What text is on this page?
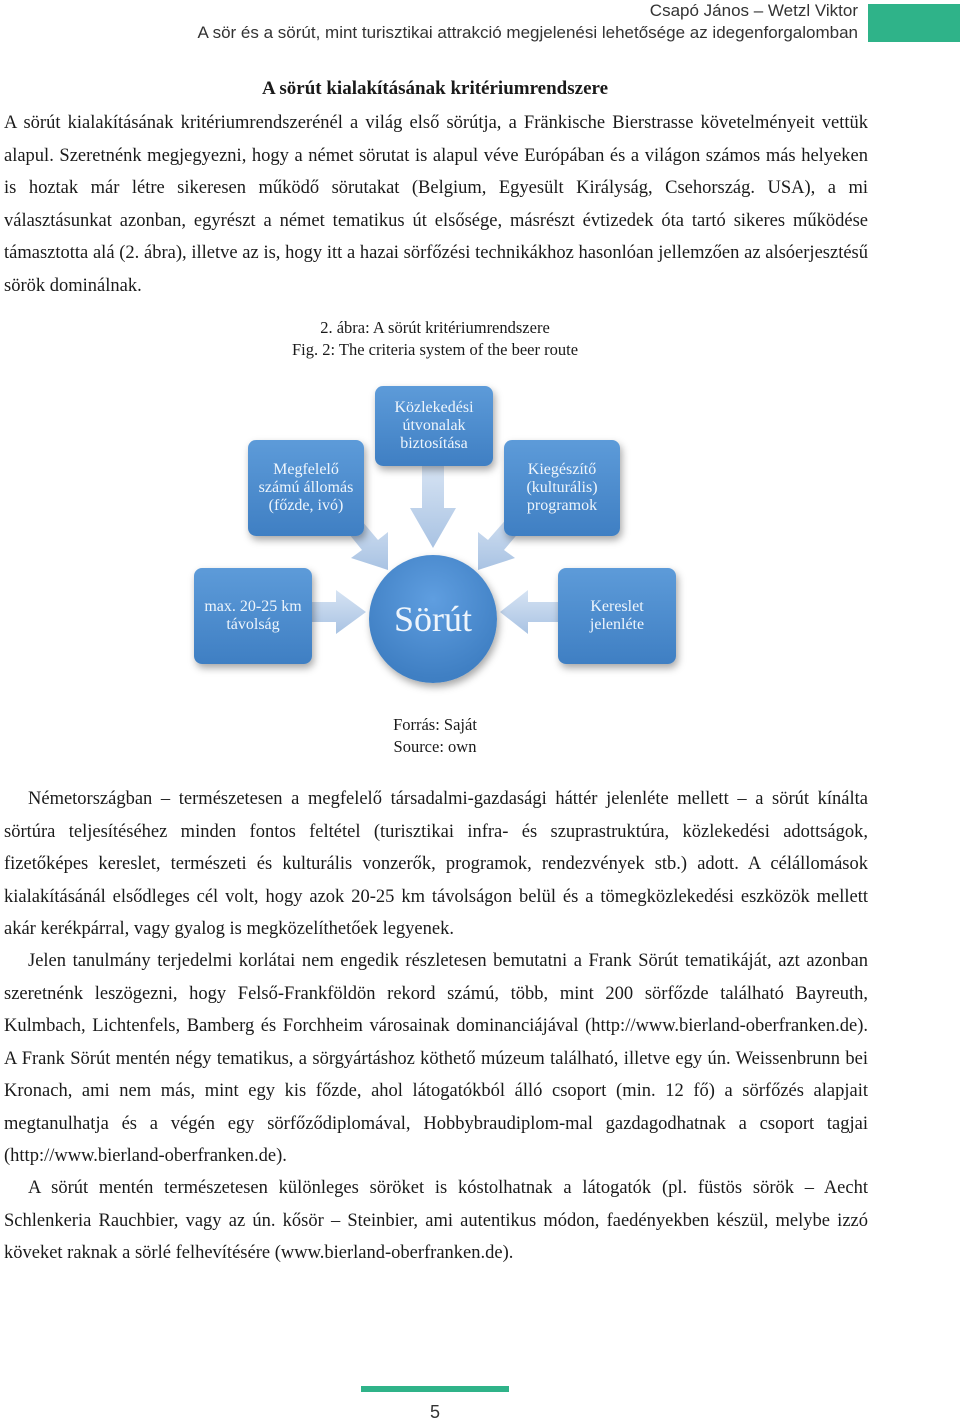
Csapó János – Wetzl Viktor
A sör és a sörút, mint turisztikai attrakció megjelenési lehetősége az idegenforgalomban
A sörút kialakításának kritériumrendszere
A sörút kialakításának kritériumrendszerénél a világ első sörútja, a Fränkische Bierstrasse követelményeit vettük alapul. Szeretnénk megjegyezni, hogy a német sörutat is alapul véve Európában és a világon számos más helyeken is hoztak már létre sikeresen működő sörutakat (Belgium, Egyesült Királyság, Csehország. USA), a mi választásunkat azonban, egyrészt a német tematikus út elsősége, másrészt évtizedek óta tartó sikeres működése támasztotta alá (2. ábra), illetve az is, hogy itt a hazai sörfőzési technikákhoz hasonlóan jellemzően az alsóerjesztésű sörök dominálnak.
2. ábra: A sörút kritériumrendszere
Fig. 2: The criteria system of the beer route
Közlekedési útvonalak biztosítása
Megfelelő számú állomás (főzde, ivó)
Kiegészítő (kulturális) programok
max. 20-25 km távolság
Kereslet jelenléte
Sörút
Forrás: Saját
Source: own
Németországban – természetesen a megfelelő társadalmi-gazdasági háttér jelenléte mellett – a sörút kínálta sörtúra teljesítéséhez minden fontos feltétel (turisztikai infra- és szuprastruktúra, közlekedési adottságok, fizetőképes kereslet, természeti és kulturális vonzerők, programok, rendezvények stb.) adott. A célállomások kialakításánál elsődleges cél volt, hogy azok 20-25 km távolságon belül és a tömegközlekedési eszközök mellett akár kerékpárral, vagy gyalog is megközelíthetőek legyenek.
Jelen tanulmány terjedelmi korlátai nem engedik részletesen bemutatni a Frank Sörút tematikáját, azt azonban szeretnénk leszögezni, hogy Felső-Frankföldön rekord számú, több, mint 200 sörfőzde található Bayreuth, Kulmbach, Lichtenfels, Bamberg és Forchheim városainak dominanciájával (http://www.bierland-oberfranken.de). A Frank Sörút mentén négy tematikus, a sörgyártáshoz köthető múzeum található, illetve egy ún. Weissenbrunn bei Kronach, ami nem más, mint egy kis főzde, ahol látogatókból álló csoport (min. 12 fő) a sörfőzés alapjait megtanulhatja és a végén egy sörfőződiplomával, Hobbybraudiplom-mal gazdagodhatnak a csoport tagjai (http://www.bierland-oberfranken.de).
A sörút mentén természetesen különleges söröket is kóstolhatnak a látogatók (pl. füstös sörök – Aecht Schlenkeria Rauchbier, vagy az ún. kősör – Steinbier, ami autentikus módon, faedényekben készül, melybe izzó köveket raknak a sörlé felhevítésére (www.bierland-oberfranken.de).
5
